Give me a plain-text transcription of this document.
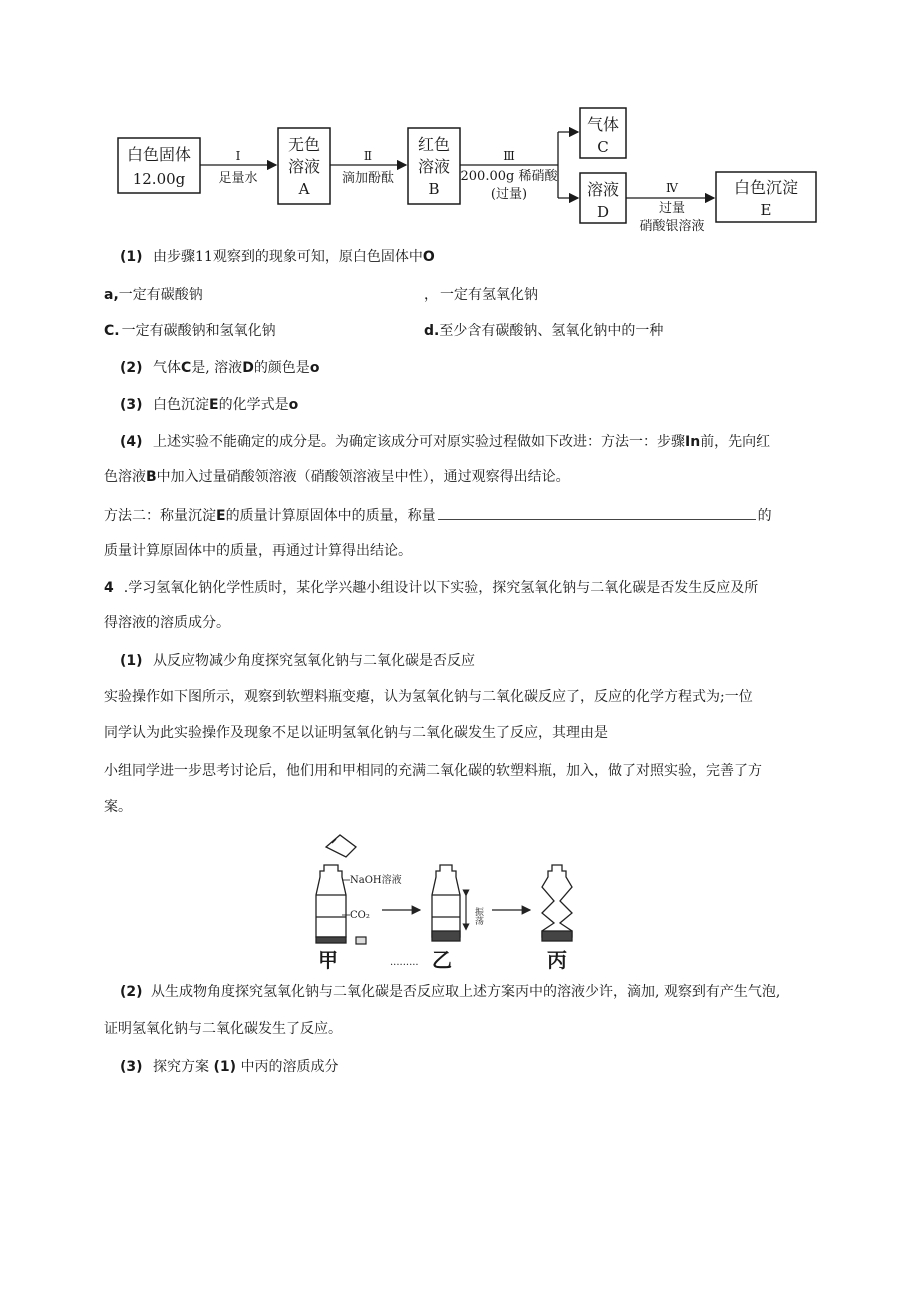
白色固体
12.00g
Ⅰ
足量水
无色
溶液
A
Ⅱ
滴加酚酞
红色
溶液
B
Ⅲ
200.00g 稀硝酸
(过量)
气体
C
溶液
D
Ⅳ
过量
硝酸银溶液
白色沉淀
E
(1) 由步骤11观察到的现象可知，原白色固体中O
a,一定有碳酸钠	， 一定有氢氧化钠
C. 一定有碳酸钠和氢氧化钠	d.至少含有碳酸钠、氢氧化钠中的一种
(2) 气体C是, 溶液D的颜色是o
(3) 白色沉淀E的化学式是o
(4) 上述实验不能确定的成分是。为确定该成分可对原实验过程做如下改进：方法一：步骤In前，先向红
色溶液B中加入过量硝酸领溶液（硝酸领溶液呈中性），通过观察得出结论。
方法二：称量沉淀E的质量计算原固体中的质量，称量	的
质量计算原固体中的质量，再通过计算得出结论。
4 .学习氢氧化钠化学性质时，某化学兴趣小组设计以下实验，探究氢氧化钠与二氧化碳是否发生反应及所
得溶液的溶质成分。
(1) 从反应物减少角度探究氢氧化钠与二氧化碳是否反应
实验操作如下图所示，观察到软塑料瓶变瘪，认为氢氧化钠与二氧化碳反应了，反应的化学方程式为;一位
同学认为此实验操作及现象不足以证明氢氧化钠与二氧化碳发生了反应，其理由是
小组同学进一步思考讨论后，他们用和甲相同的充满二氧化碳的软塑料瓶，加入，做了对照实验，完善了方
案。
NaOH溶液
CO₂	振荡
甲	......... 乙	丙
(2) 从生成物角度探究氢氧化钠与二氧化碳是否反应取上述方案丙中的溶液少许，滴加, 观察到有产生气泡,
证明氢氧化钠与二氧化碳发生了反应。
(3) 探究方案 (1) 中丙的溶质成分
